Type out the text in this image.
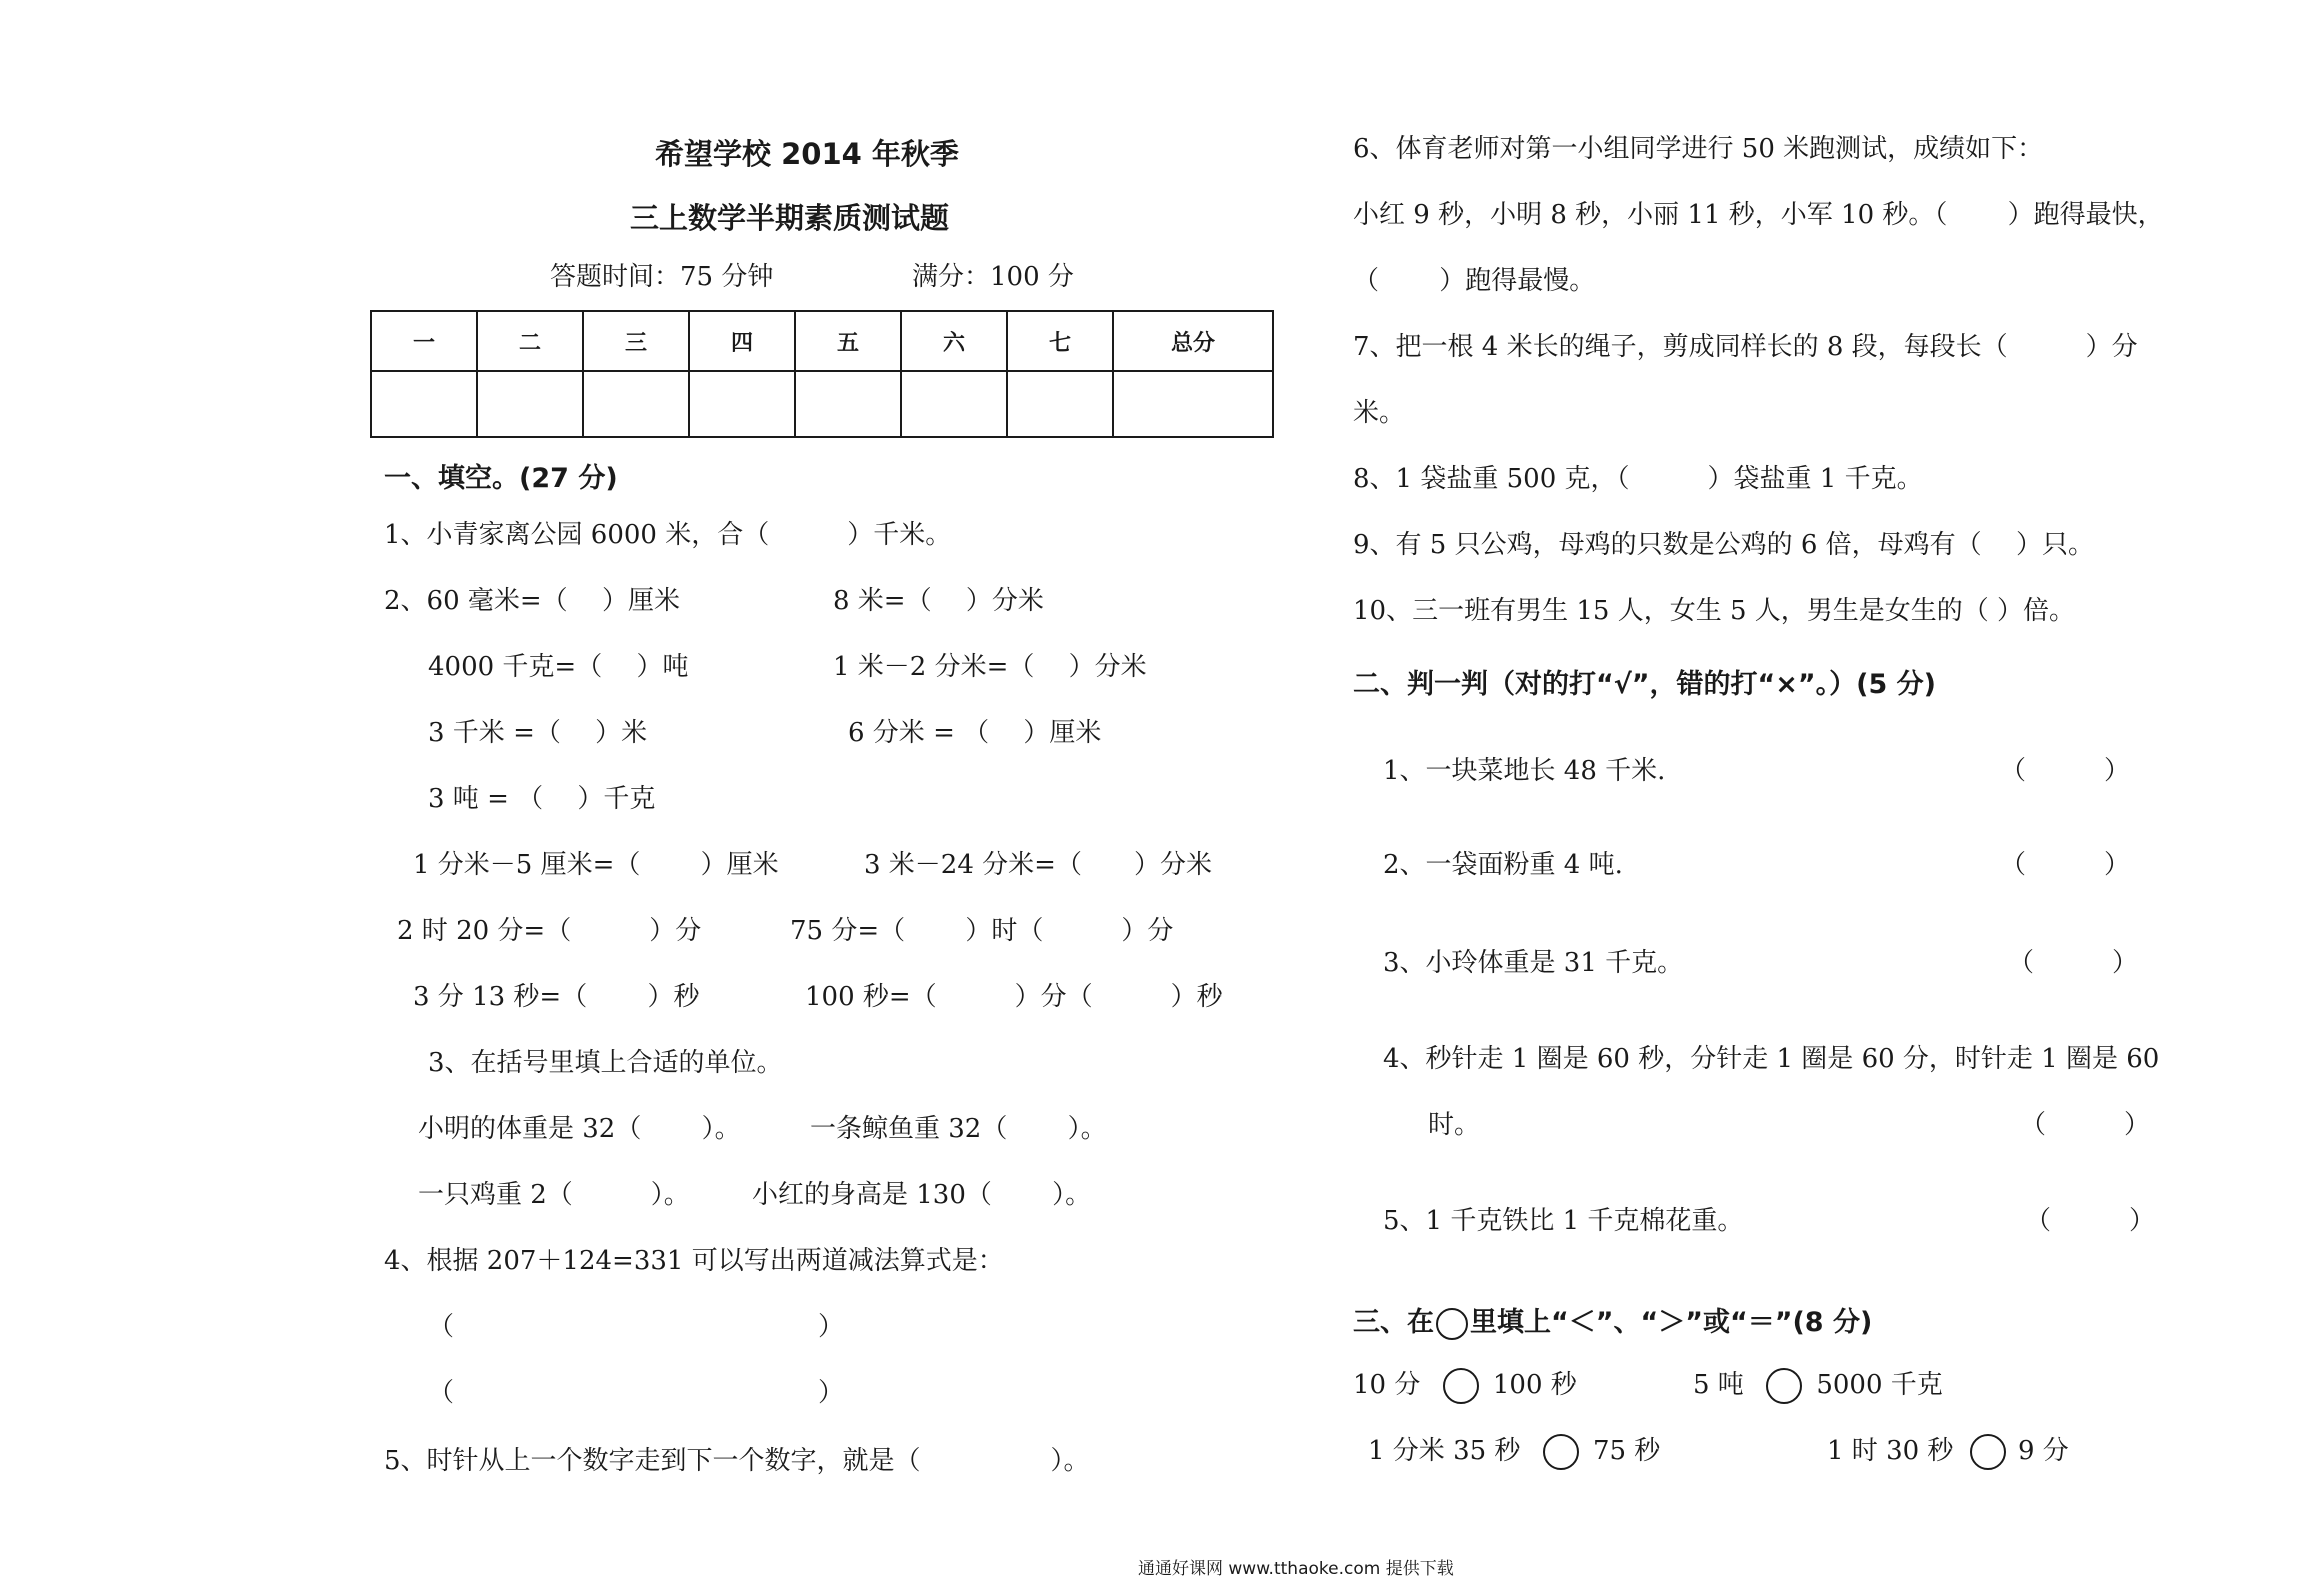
希望学校 2014 年秋季
三上数学半期素质测试题
答题时间：75 分钟	满分：100 分
一	二	三	四	五	六	七	总分

一、填空。(27 分)
1、小青家离公园 6000 米，合（　　　）千米。
2、60 毫米=（　 ）厘米	8 米=（　 ）分米
4000 千克=（　 ）吨	1 米－2 分米=（　 ）分米
3 千米 =（　 ）米	6 分米 = （　 ）厘米
3 吨 = （　 ）千克
1 分米－5 厘米=（　　 ）厘米	3 米－24 分米=（　　）分米
2 时 20 分=（　　　）分	75 分=（　　 ）时（　　　）分
3 分 13 秒=（　　 ）秒	100 秒=（　　　）分（　　　）秒
3、在括号里填上合适的单位。
小明的体重是 32（　　 ）。	一条鲸鱼重 32（　　 ）。
一只鸡重 2（　　　）。 小红的身高是 130（　　 ）。
4、根据 207＋124=331 可以写出两道减法算式是：
（　　　　　　　　　　　　　　）
（　　　　　　　　　　　　　　）
5、时针从上一个数字走到下一个数字，就是（　　　　　）。
6、体育老师对第一小组同学进行 50 米跑测试，成绩如下：
小红 9 秒，小明 8 秒，小丽 11 秒，小军 10 秒。（　　 ）跑得最快，
（　　 ）跑得最慢。
7、把一根 4 米长的绳子，剪成同样长的 8 段，每段长（　　　）分
米。
8、1 袋盐重 500 克，（　　　）袋盐重 1 千克。
9、有 5 只公鸡，母鸡的只数是公鸡的 6 倍，母鸡有（　 ）只。
10、三一班有男生 15 人，女生 5 人，男生是女生的（ ）倍。
二、判一判（对的打“√”，错的打“×”。）(5 分)
1、一块菜地长 48 千米.	（　　　）
2、一袋面粉重 4 吨.	（　　　）
3、小玲体重是 31 千克。	（　　　）
4、秒针走 1 圈是 60 秒，分针走 1 圈是 60 分，时针走 1 圈是 60
时。	（　　　）
5、1 千克铁比 1 千克棉花重。	（　　　）
三、在 里填上“＜”、“＞”或“＝”(8 分)
10 分	100 秒	5 吨	5000 千克
1 分米 35 秒	75 秒	1 时 30 秒 9 分
通通好课网 www.tthaoke.com 提供下载
